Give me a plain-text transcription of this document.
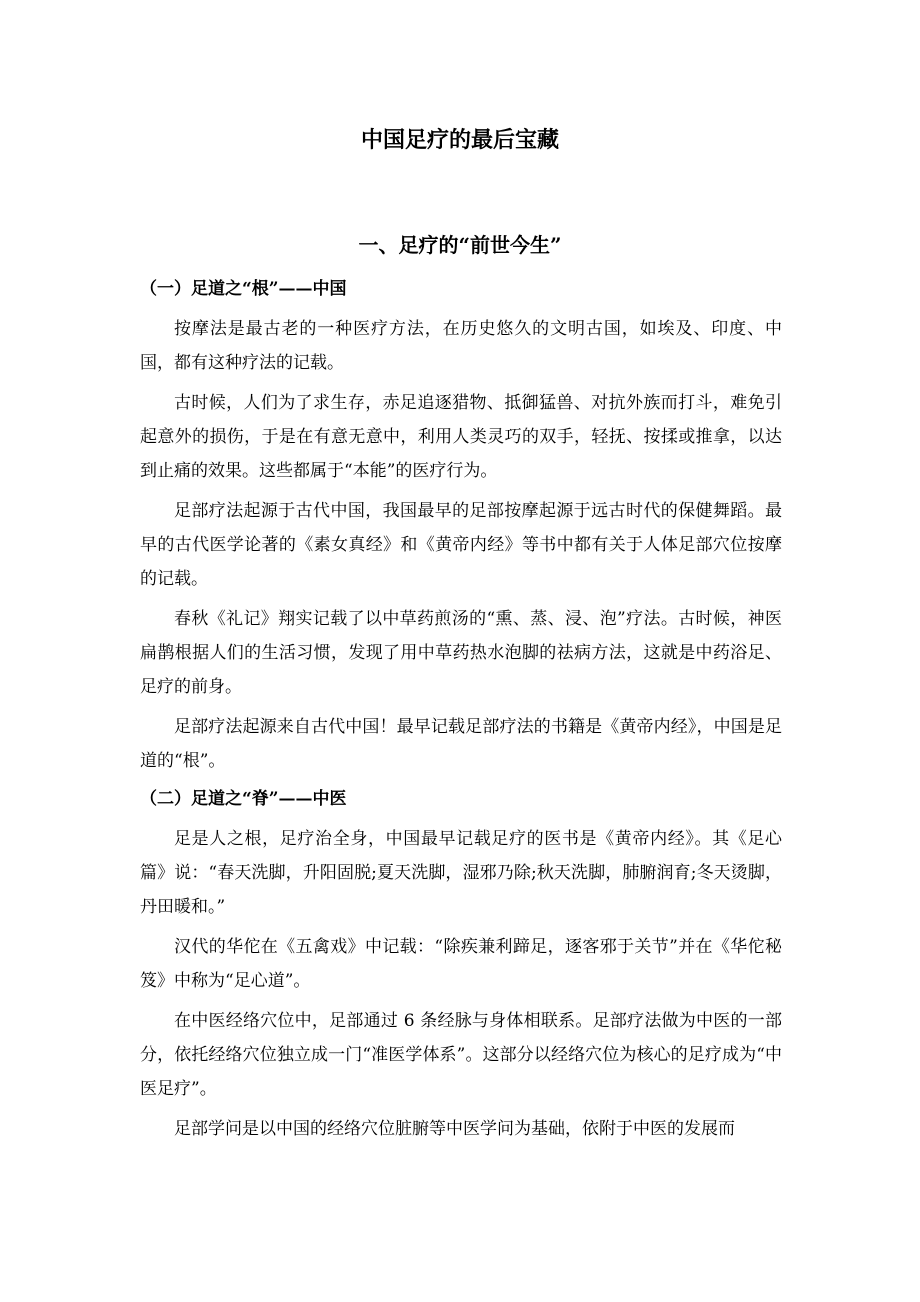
中国足疗的最后宝藏
一、足疗的“前世今生”
（一）足道之“根”——中国

按摩法是最古老的一种医疗方法，在历史悠久的文明古国，如埃及、印度、中国，都有这种疗法的记载。

古时候，人们为了求生存，赤足追逐猎物、抵御猛兽、对抗外族而打斗，难免引起意外的损伤，于是在有意无意中，利用人类灵巧的双手，轻抚、按揉或推拿，以达到止痛的效果。这些都属于“本能”的医疗行为。

足部疗法起源于古代中国，我国最早的足部按摩起源于远古时代的保健舞蹈。最早的古代医学论著的《素女真经》和《黄帝内经》等书中都有关于人体足部穴位按摩的记载。

春秋《礼记》翔实记载了以中草药煎汤的“熏、蒸、浸、泡”疗法。古时候，神医扁鹊根据人们的生活习惯，发现了用中草药热水泡脚的祛病方法，这就是中药浴足、足疗的前身。

足部疗法起源来自古代中国！最早记载足部疗法的书籍是《黄帝内经》，中国是足道的“根”。

（二）足道之“脊”——中医

足是人之根，足疗治全身，中国最早记载足疗的医书是《黄帝内经》。其《足心篇》说：“春天洗脚，升阳固脱;夏天洗脚，湿邪乃除;秋天洗脚，肺腑润育;冬天烫脚，丹田暖和。”

汉代的华佗在《五禽戏》中记载：“除疾兼利蹄足，逐客邪于关节”并在《华佗秘笈》中称为“足心道”。

在中医经络穴位中，足部通过 6 条经脉与身体相联系。足部疗法做为中医的一部分，依托经络穴位独立成一门“准医学体系”。这部分以经络穴位为核心的足疗成为“中医足疗”。

足部学问是以中国的经络穴位脏腑等中医学问为基础，依附于中医的发展而
